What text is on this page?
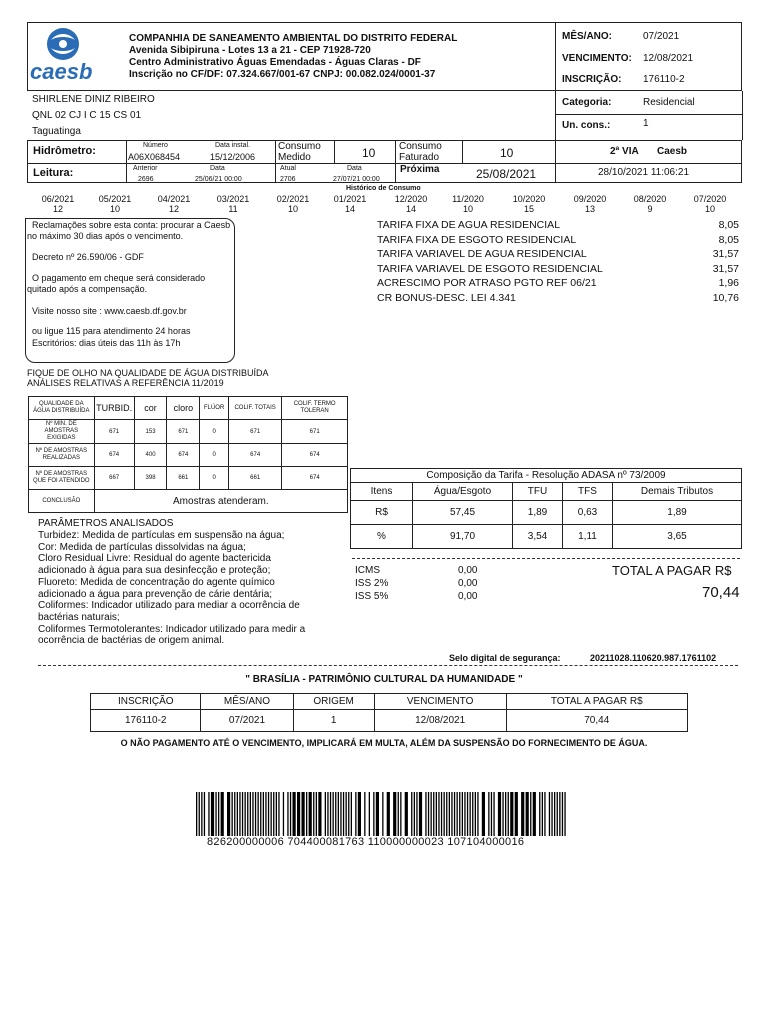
caesb
COMPANHIA DE SANEAMENTO AMBIENTAL DO DISTRITO FEDERAL
Avenida Sibipiruna - Lotes 13 a 21 - CEP 71928-720
Centro Administrativo Águas Emendadas - Águas Claras - DF
Inscrição no CF/DF: 07.324.667/001-67 CNPJ: 00.082.024/0001-37
MÊS/ANO:	07/2021
VENCIMENTO: 12/08/2021
INSCRIÇÃO: 176110-2
SHIRLENE DINIZ RIBEIRO
QNL 02 CJ I C 15 CS 01
Taguatinga
Categoria:	Residencial
Un. cons.:	1
Hidrômetro:	Número
A06X068454
Data instal.
15/12/2006
Consumo Medido	10 Consumo Faturado	10	2ª VIA Caesb
Leitura:	Anterior
2696
Data
25/06/21 00:00
Atual
2706
Data
27/07/21 00:00
Próxima	25/08/2021	28/10/2021 11:06:21
Histórico de Consumo
06/2021
12
05/2021
10
04/2021
12
03/2021
11
02/2021
10
01/2021
14
12/2020
14
11/2020
10
10/2020
15
09/2020
13
08/2020
9
07/2020
10
Reclamações sobre esta conta: procurar a Caesb
no máximo 30 dias após o vencimento.
Decreto nº 26.590/06 - GDF
O pagamento em cheque será considerado
quitado após a compensação.
Visite nosso site : www.caesb.df.gov.br
ou ligue 115 para atendimento 24 horas
Escritórios: dias úteis das 11h às 17h
TARIFA FIXA DE AGUA RESIDENCIAL	8,05
TARIFA FIXA DE ESGOTO RESIDENCIAL	8,05
TARIFA VARIAVEL DE AGUA RESIDENCIAL	31,57
TARIFA VARIAVEL DE ESGOTO RESIDENCIAL	31,57
ACRESCIMO POR ATRASO PGTO REF 06/21	1,96
CR BONUS-DESC. LEI 4.341	10,76
FIQUE DE OLHO NA QUALIDADE DE ÁGUA DISTRIBUÍDA
ANÁLISES RELATIVAS A REFERÊNCIA 11/2019
QUALIDADE DA ÁGUA DISTRIBUÍDA	TURBID.	cor	cloro	FLÚOR	COLIF. TOTAIS	COLIF. TERMO TOLERAN
Nº MIN. DE AMOSTRAS EXIGIDAS	671	153	671	0	671	671
Nº DE AMOSTRAS REALIZADAS	674	400	674	0	674	674
Nº DE AMOSTRAS QUE FOI ATENDIDO	667	398	661	0	661	674
CONCLUSÃO	Amostras atenderam.					
PARÂMETROS ANALISADOS
Turbidez: Medida de partículas em suspensão na água;
Cor: Medida de partículas dissolvidas na água;
Cloro Residual Livre: Residual do agente bactericida
adicionado à água para sua desinfecção e proteção;
Fluoreto: Medida de concentração do agente químico
adicionado a água para prevenção de cárie dentária;
Coliformes: Indicador utilizado para mediar a ocorrência de
bactérias naturais;
Coliformes Termotolerantes: Indicador utilizado para medir a
ocorrência de bactérias de origem animal.
Composição da Tarifa - Resolução ADASA nº 73/2009				
Itens	Água/Esgoto	TFU	TFS	Demais Tributos
R$	57,45	1,89	0,63	1,89
%	91,70	3,54	1,11	3,65
ICMS	0,00
ISS 2%	0,00
ISS 5%	0,00
TOTAL A PAGAR R$
70,44
Selo digital de segurança:	20211028.110620.987.1761102
" BRASÍLIA - PATRIMÔNIO CULTURAL DA HUMANIDADE "
INSCRIÇÃO	MÊS/ANO	ORIGEM	VENCIMENTO	TOTAL A PAGAR R$
176110-2	07/2021	1	12/08/2021	70,44
O NÃO PAGAMENTO ATÉ O VENCIMENTO, IMPLICARÁ EM MULTA, ALÉM DA SUSPENSÃO DO FORNECIMENTO DE ÁGUA.
826200000006 704400081763 110000000023 107104000016
